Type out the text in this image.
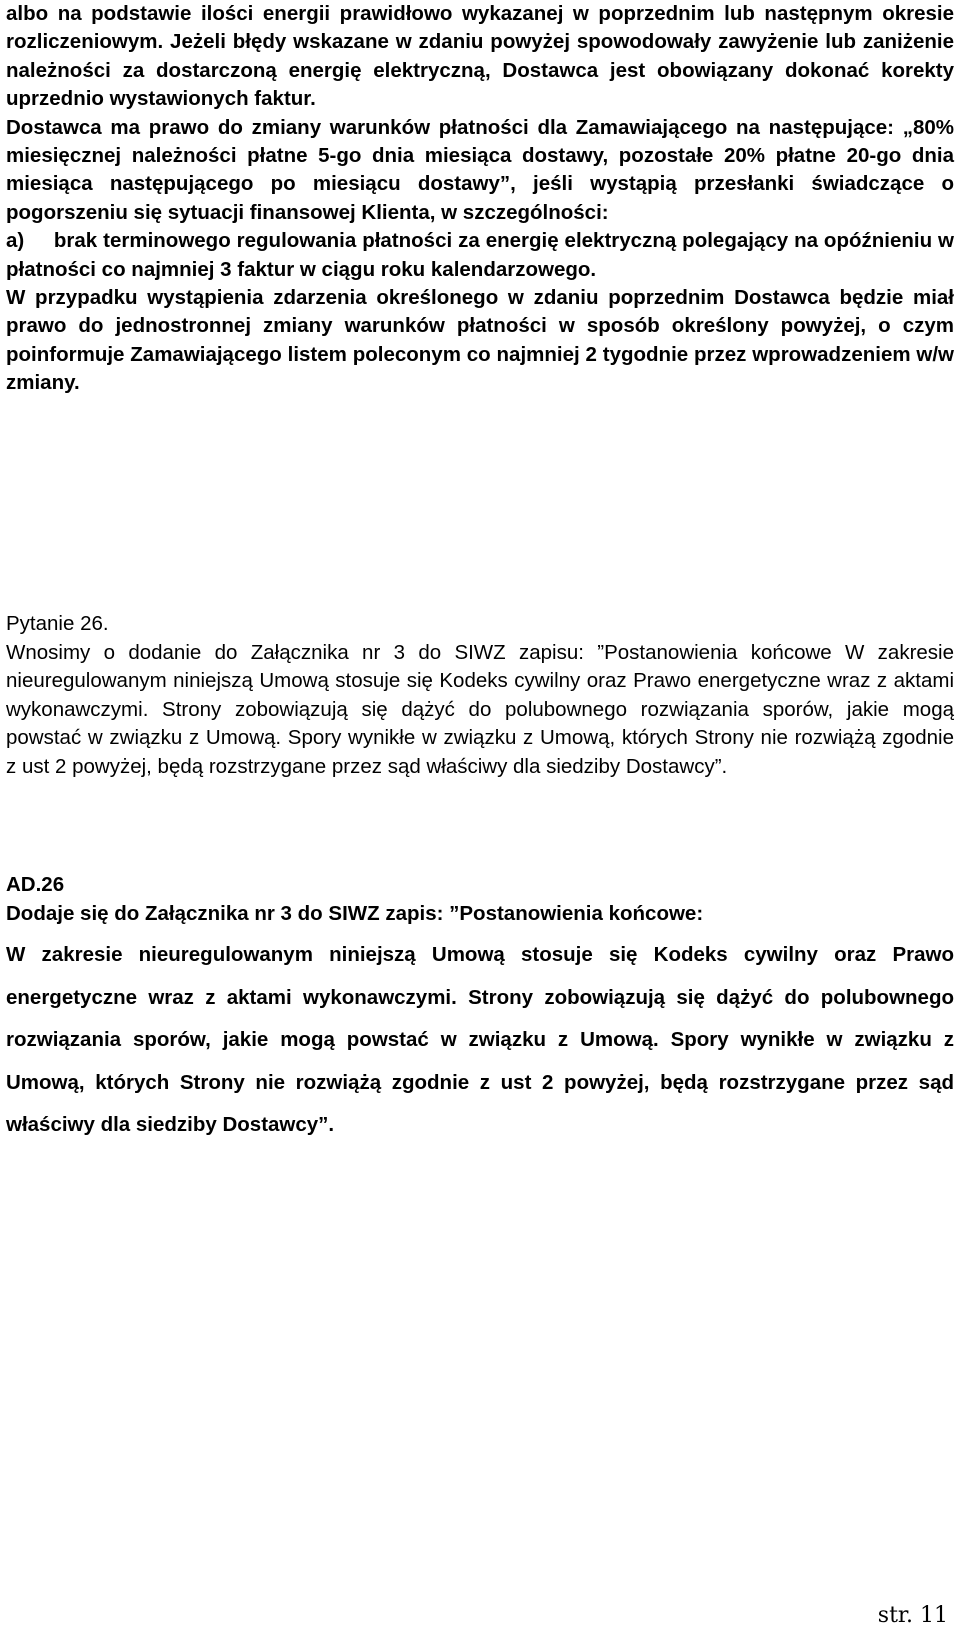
albo na podstawie ilości energii prawidłowo wykazanej w poprzednim lub następnym okresie rozliczeniowym. Jeżeli błędy wskazane w zdaniu powyżej spowodowały zawyżenie lub zaniżenie należności za dostarczoną energię elektryczną, Dostawca jest obowiązany dokonać korekty uprzednio wystawionych faktur.

Dostawca ma prawo do zmiany warunków płatności dla Zamawiającego na następujące: „80% miesięcznej należności płatne 5-go dnia miesiąca dostawy, pozostałe 20% płatne 20-go dnia miesiąca następującego po miesiącu dostawy”, jeśli wystąpią przesłanki świadczące o pogorszeniu się sytuacji finansowej Klienta, w szczególności:

a)     brak terminowego regulowania płatności za energię elektryczną polegający na opóźnieniu w płatności co najmniej 3 faktur w ciągu roku kalendarzowego.

W przypadku wystąpienia zdarzenia określonego w zdaniu poprzednim Dostawca będzie miał prawo do jednostronnej zmiany warunków płatności w sposób określony powyżej, o czym poinformuje Zamawiającego listem poleconym co najmniej 2 tygodnie przez wprowadzeniem w/w zmiany.

Pytanie 26.

Wnosimy o dodanie do Załącznika nr 3 do SIWZ zapisu: ”Postanowienia końcowe W zakresie nieuregulowanym niniejszą Umową stosuje się Kodeks cywilny oraz Prawo energetyczne wraz z aktami wykonawczymi. Strony zobowiązują się dążyć do polubownego rozwiązania sporów, jakie mogą powstać w związku z Umową. Spory wynikłe w związku z Umową, których Strony nie rozwiążą zgodnie z ust 2 powyżej, będą rozstrzygane przez sąd właściwy dla siedziby Dostawcy”.

AD.26

Dodaje się do Załącznika nr 3 do SIWZ zapis: ”Postanowienia końcowe:

W zakresie nieuregulowanym niniejszą Umową stosuje się Kodeks cywilny oraz Prawo energetyczne wraz z aktami wykonawczymi. Strony zobowiązują się dążyć do polubownego rozwiązania sporów, jakie mogą powstać w związku z Umową. Spory wynikłe w związku z Umową, których Strony nie rozwiążą zgodnie z ust 2 powyżej, będą rozstrzygane przez sąd właściwy dla siedziby Dostawcy”.

str. 11
